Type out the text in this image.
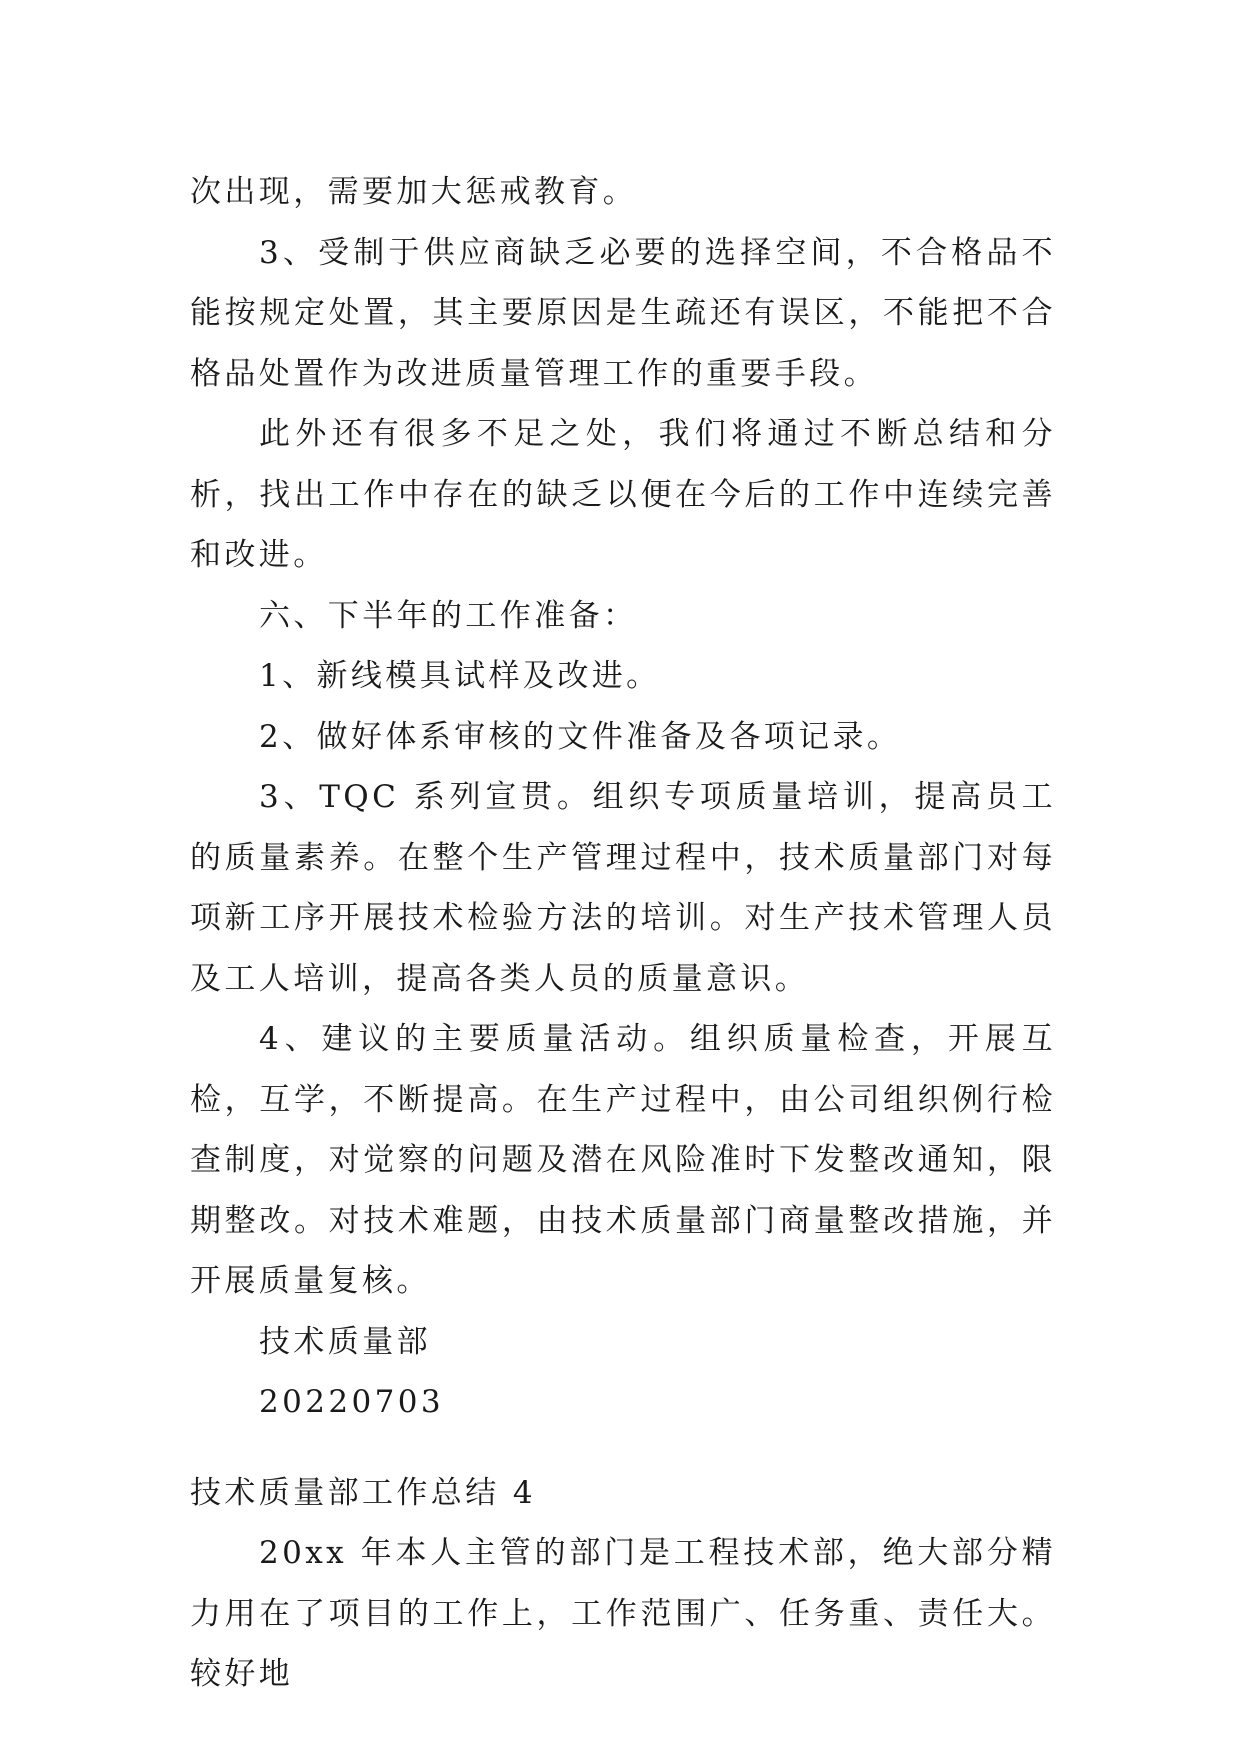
次出现，需要加大惩戒教育。

3、受制于供应商缺乏必要的选择空间，不合格品不能按规定处置，其主要原因是生疏还有误区，不能把不合格品处置作为改进质量管理工作的重要手段。

此外还有很多不足之处，我们将通过不断总结和分析，找出工作中存在的缺乏以便在今后的工作中连续完善和改进。

六、下半年的工作准备：

1、新线模具试样及改进。

2、做好体系审核的文件准备及各项记录。

3、TQC 系列宣贯。组织专项质量培训，提高员工的质量素养。在整个生产管理过程中，技术质量部门对每项新工序开展技术检验方法的培训。对生产技术管理人员及工人培训，提高各类人员的质量意识。

4、建议的主要质量活动。组织质量检查，开展互检，互学，不断提高。在生产过程中，由公司组织例行检查制度，对觉察的问题及潜在风险准时下发整改通知，限期整改。对技术难题，由技术质量部门商量整改措施，并开展质量复核。

技术质量部

20220703

技术质量部工作总结 4

20xx 年本人主管的部门是工程技术部，绝大部分精力用在了项目的工作上，工作范围广、任务重、责任大。较好地
